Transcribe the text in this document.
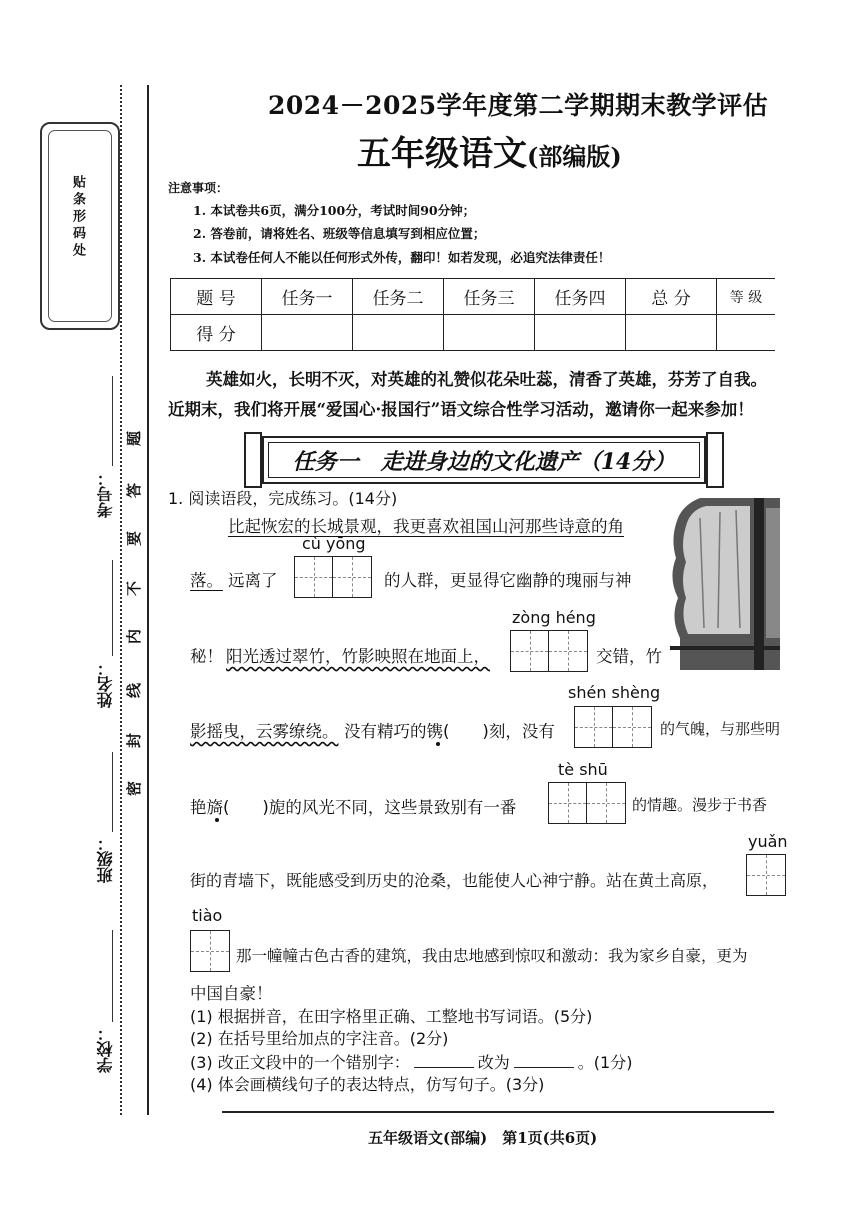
贴条形码处
考号：
姓名：
班级：
学校：
题
答
要
不
内
线
封
密
2024－2025学年度第二学期期末教学评估
五年级语文(部编版)
注意事项：
1. 本试卷共6页，满分100分，考试时间90分钟；
2. 答卷前，请将姓名、班级等信息填写到相应位置；
3. 本试卷任何人不能以任何形式外传，翻印！如若发现，必追究法律责任！
题 号	任务一	任务二	任务三	任务四	总 分	等 级
得 分						
英雄如火，长明不灭，对英雄的礼赞似花朵吐蕊，清香了英雄，芬芳了自我。
近期末，我们将开展“爱国心·报国行”语文综合性学习活动，邀请你一起来参加！
任务一　走进身边的文化遗产（14分）
1. 阅读语段，完成练习。(14分)
比起恢宏的长城景观，我更喜欢祖国山河那些诗意的角
cù yōng
落。 远离了	的人群，更显得它幽静的瑰丽与神
zòng héng
秘！ 阳光透过翠竹，竹影映照在地面上，	交错，竹
shén shèng
影摇曳，云雾缭绕。 没有精巧的镌(　　)刻，没有	的气魄，与那些明
tè shū
艳旖(　　)旎的风光不同，这些景致别有一番	的情趣。漫步于书香
yuǎn
街的青墙下，既能感受到历史的沧桑，也能使人心神宁静。站在黄土高原，
tiào
那一幢幢古色古香的建筑，我由忠地感到惊叹和激动：我为家乡自豪，更为
中国自豪！
(1) 根据拼音，在田字格里正确、工整地书写词语。(5分)
(2) 在括号里给加点的字注音。(2分)
(3) 改正文段中的一个错别字：	改为	。(1分)
(4) 体会画横线句子的表达特点，仿写句子。(3分)
五年级语文(部编)　第1页(共6页)
